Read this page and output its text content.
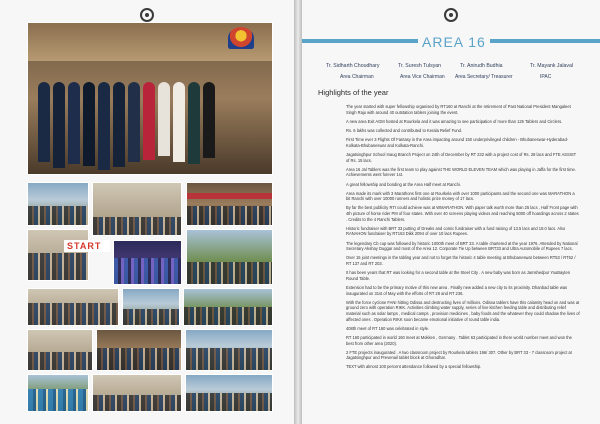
START
AREA 16
Tr. Sidharth Choudhary
Area Chairman
Tr. Suresh Tulsyan
Area Vice Chairman
Tr. Anirudh Budhia
Area Secretary/ Treasurer
Tr. Mayank Jalaval
IPAC
Highlights of the year

The year started with super fellowship organised by RT160 at Ranchi at the retirement of Past National President Mangaleet Singh Raju with around 40 outstation tablers joining the event.

A new area Exit AGM hosted at Rourkela and it was amazing to see participation of more than 125 Tablers and Circlers.

Rs. 6 lakhs was collected and contributed to Kerala Relief Fund.

First Time ever 3 Flights Of Fantasy in the Area impacting around 150 underprivileged children - Bhubaneswar-Hyderabad-Kolkata-Bhubaneswar and Kolkata-Ranchi.

Jagatsinghpur School Inaug Branch Project on 24th of December by RT 232 with a project cost of Rs. 28 lacs and FTE ASSIST of Rs. 15 lacs.

Area 16 Jal Tablers was the first team to play against THE WORLD ELEVEN TEAM which was playing in Jaffa for the first time. Achievements went forever 1st.

A great fellowship and bonding at the Area Half meet at Ranchi.

Area made its mark with 3 Marathons first one at Rourkela with over 1000 participants and the second one was MARATHON a bit Ranchi with over 10000 runners and holistic prize money of 17 lacs.

By far the best publicity RTI could achieve was at WMARATHON. With paper talk worth more than 25 lacs , Half Front page with 4th picture of horse rider PM of four states. With over 40 screens playing videos and reaching 5000 off hoardings across 2 states . Credits to the 4 Ranchi Tablers.

Historic fundraiser with BRT 33 putting of Dreaks and comic fundraiser with a fund raising of 13.5 lacs and 18.0 lacs. Also RANAHON fundraiser by RT163 Dikk 2094 of over 10 lacs Rupees.

The legendary Cb cup was followed by historic 1000th meet of BRT 33. A table chartered at the year 1976. Attended by National Secretary Akshay Duggar and most of the Area 12. Corporate Tie Up between BRT33 and Ultra Automobile of Rupees 7 lacs.

Over 15 joint meetings in the tabling year and not to forget the historic 4 table meeting at Bhubaneswar between RT53 / RT62 / RT 137 and RT 203.

It has been years that RT was looking for a second table at the Steel City . A new baby was born as Jamshedpur YouBayten Round Table.

Extension had to be the primary motive of this new area . Finally new added a new city to its proximity. Dhanbad table was inaugurated on 31st of May with the efforts of RT 28 and RT 236.

With the force cyclone FANI hitting Odissa and destructing lives of millions. Odissa tablers have this calamity head on and was at ground zero with operation RIKK. Activities climbing water supply, series of live kitchen feeding table and distributing relief material such as solar lamps , medical camps , provision medicines , baby foods and the whatever they could shadow the lives of affected ones . Operation RIKK soon became emotional initiative of round table india.

408th meet of RT 160 was celebrated in style.

RT 160 participated in world 160 meet at Mokken , Germany . Tablet 63 participated in there world number meet and won the best from other area (2020).

2 FTE projects inaugurated . A two classroom project by Rourkela tablers 196/ 307. Other by BRT 33 - 7 classroom project at Jagatsinghpur and Prevenail tablet block at Ghoradhar.

TEXT with almost 100 percent attendance followed by a special fellowship.
